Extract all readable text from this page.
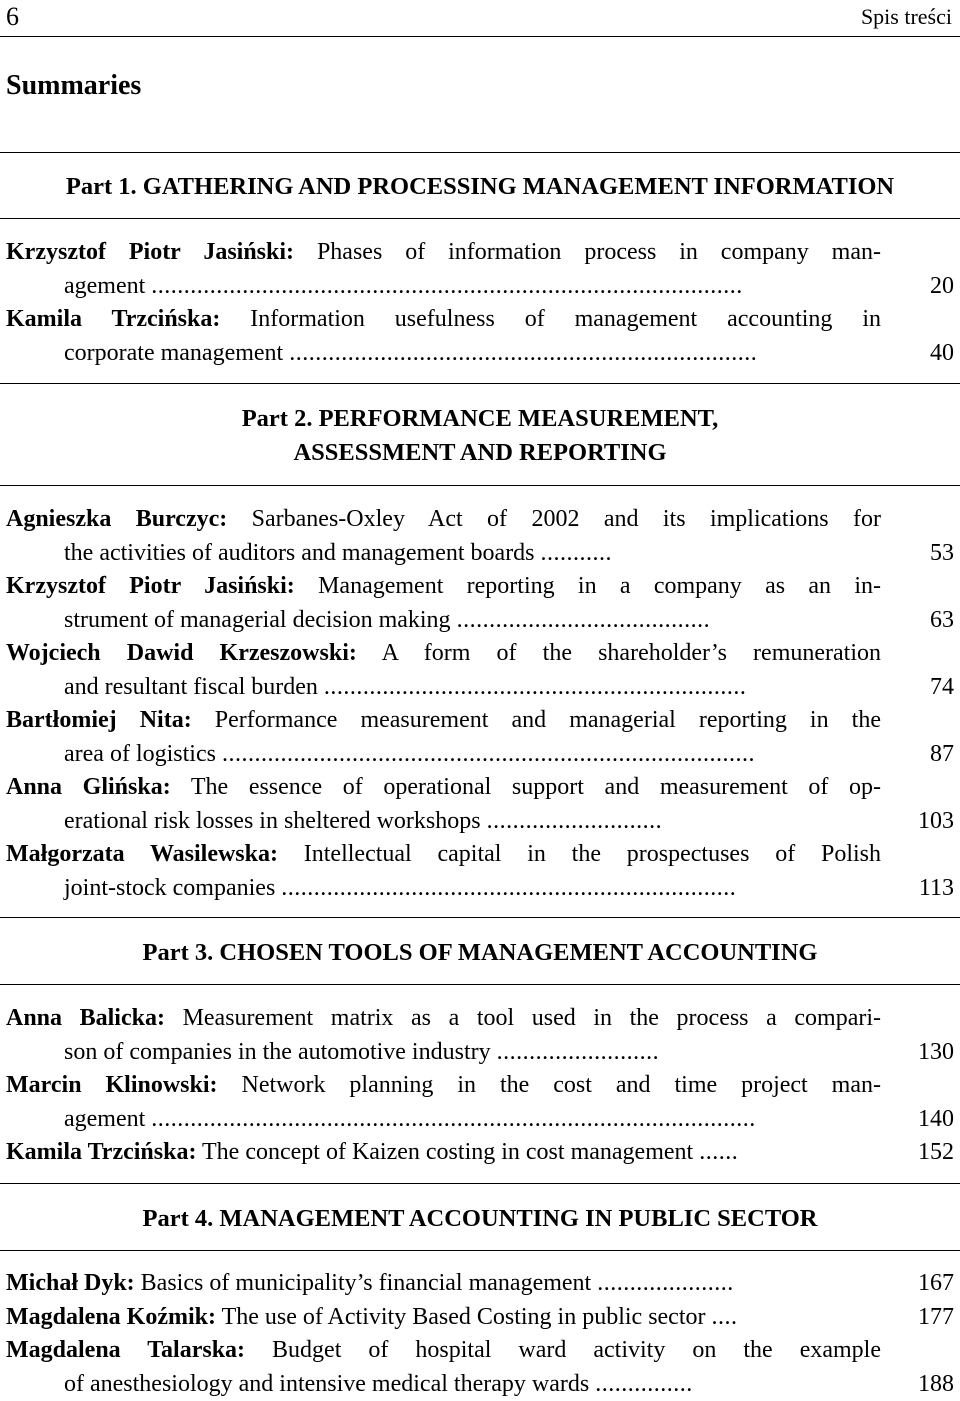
6	Spis treści
Summaries
Part 1. GATHERING AND PROCESSING MANAGEMENT INFORMATION
Krzysztof Piotr Jasiński: Phases of information process in company man-
agement ...........................................................................................	20
Kamila Trzcińska: Information usefulness of management accounting in
corporate management ........................................................................	40
Part 2. PERFORMANCE MEASUREMENT,
ASSESSMENT AND REPORTING
Agnieszka Burczyc: Sarbanes-Oxley Act of 2002 and its implications for
the activities of auditors and management boards ...........	53
Krzysztof Piotr Jasiński: Management reporting in a company as an in-
strument of managerial decision making .......................................	63
Wojciech Dawid Krzeszowski: A form of the shareholder’s remuneration
and resultant fiscal burden .................................................................	74
Bartłomiej Nita: Performance measurement and managerial reporting in the
area of logistics ..................................................................................	87
Anna Glińska: The essence of operational support and measurement of op-
erational risk losses in sheltered workshops ...........................	103
Małgorzata Wasilewska: Intellectual capital in the prospectuses of Polish
joint-stock companies ......................................................................	113
Part 3. CHOSEN TOOLS OF MANAGEMENT ACCOUNTING
Anna Balicka: Measurement matrix as a tool used in the process a compari-
son of companies in the automotive industry .........................	130
Marcin Klinowski: Network planning in the cost and time project man-
agement .............................................................................................	140
Kamila Trzcińska: The concept of Kaizen costing in cost management ......	152
Part 4. MANAGEMENT ACCOUNTING IN PUBLIC SECTOR
Michał Dyk: Basics of municipality’s financial management .....................	167
Magdalena Koźmik: The use of Activity Based Costing in public sector ....	177
Magdalena Talarska: Budget of hospital ward activity on the example
of anesthesiology and intensive medical therapy wards ...............	188
